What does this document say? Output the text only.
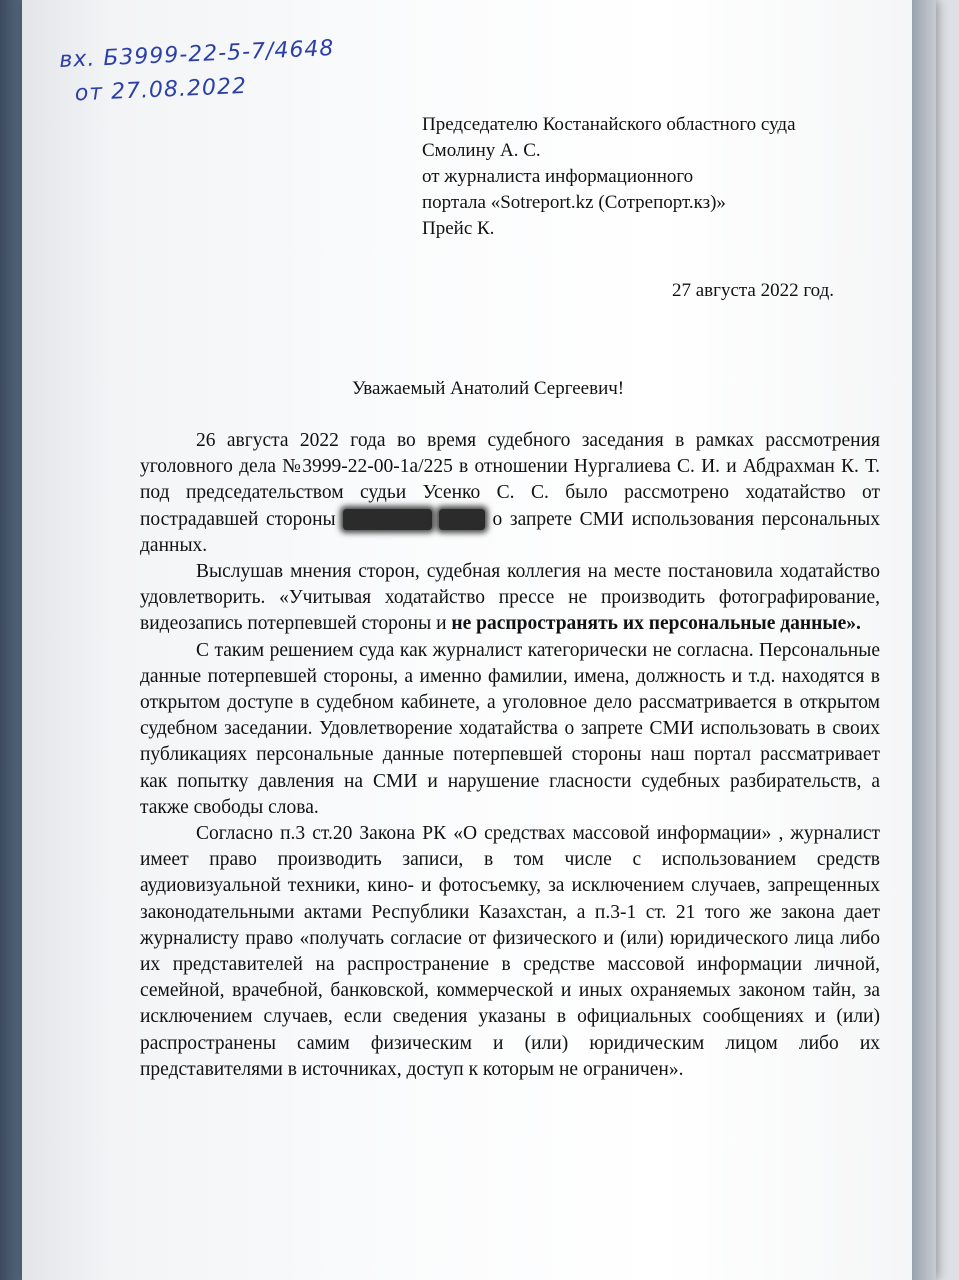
вх. Б3999-22-5-7/4648
от 27.08.2022
Председателю Костанайского областного суда
Смолину А. С.
от журналиста информационного
портала «Sotreport.kz (Сотрепорт.кз)»
Прейс К.
27 августа 2022 год.
Уважаемый Анатолий Сергеевич!

26 августа 2022 года во время судебного заседания в рамках рассмотрения уголовного дела №3999-22-00-1а/225 в отношении Нургалиева С. И. и Абдрахман К. Т. под председательством судьи Усенко С. С. было рассмотрено ходатайство от пострадавшей стороны Киселевой И. А. о запрете СМИ использования персональных данных.

Выслушав мнения сторон, судебная коллегия на месте постановила ходатайство удовлетворить. «Учитывая ходатайство прессе не производить фотографирование, видеозапись потерпевшей стороны и не распространять их персональные данные».

С таким решением суда как журналист категорически не согласна. Персональные данные потерпевшей стороны, а именно фамилии, имена, должность и т.д. находятся в открытом доступе в судебном кабинете, а уголовное дело рассматривается в открытом судебном заседании. Удовлетворение ходатайства о запрете СМИ использовать в своих публикациях персональные данные потерпевшей стороны наш портал рассматривает как попытку давления на СМИ и нарушение гласности судебных разбирательств, а также свободы слова.

Согласно п.3 ст.20 Закона РК «О средствах массовой информации» , журналист имеет право производить записи, в том числе с использованием средств аудиовизуальной техники, кино- и фотосъемку, за исключением случаев, запрещенных законодательными актами Республики Казахстан, а п.3-1 ст. 21 того же закона дает журналисту право «получать согласие от физического и (или) юридического лица либо их представителей на распространение в средстве массовой информации личной, семейной, врачебной, банковской, коммерческой и иных охраняемых законом тайн, за исключением случаев, если сведения указаны в официальных сообщениях и (или) распространены самим физическим и (или) юридическим лицом либо их представителями в источниках, доступ к которым не ограничен».
